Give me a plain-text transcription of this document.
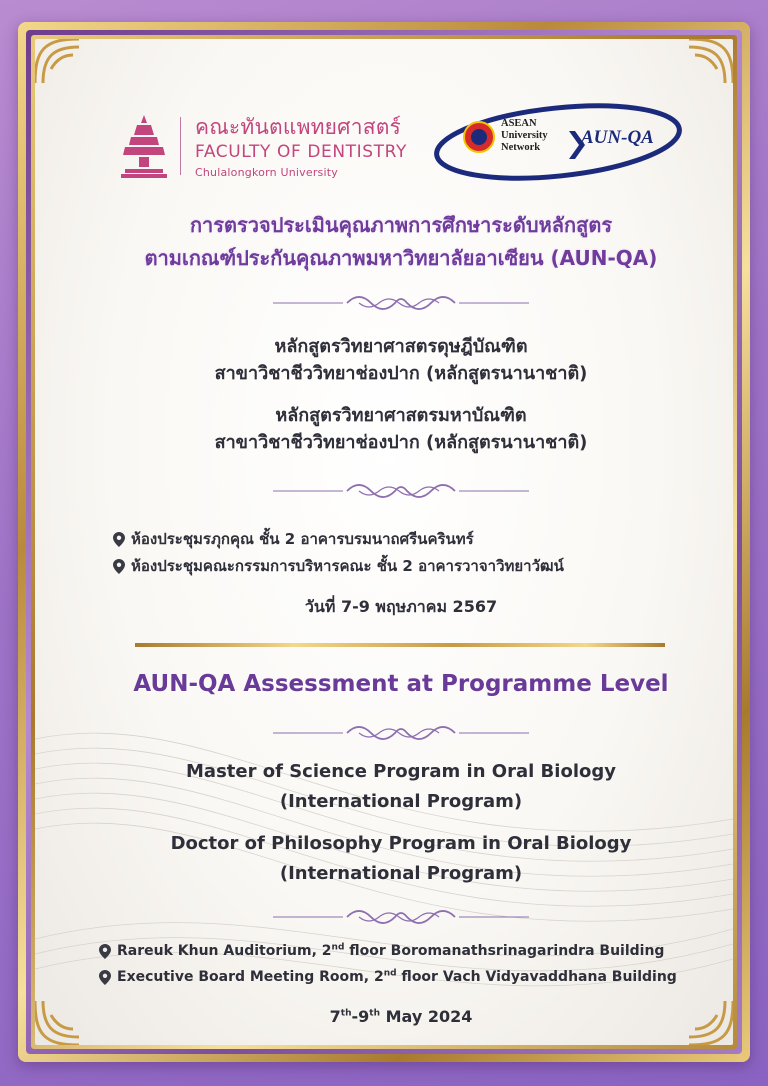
คณะทันตแพทยศาสตร์
FACULTY OF DENTISTRY
Chulalongkorn University
ASEAN
University
Network	AUN-QA
การตรวจประเมินคุณภาพการศึกษาระดับหลักสูตร
ตามเกณฑ์ประกันคุณภาพมหาวิทยาลัยอาเซียน (AUN-QA)
หลักสูตรวิทยาศาสตรดุษฎีบัณฑิต
สาขาวิชาชีววิทยาช่องปาก (หลักสูตรนานาชาติ)
หลักสูตรวิทยาศาสตรมหาบัณฑิต
สาขาวิชาชีววิทยาช่องปาก (หลักสูตรนานาชาติ)
ห้องประชุมรภุกคุณ ชั้น 2 อาคารบรมนาถศรีนครินทร์
ห้องประชุมคณะกรรมการบริหารคณะ ชั้น 2 อาคารวาจาวิทยาวัฒน์
วันที่ 7-9 พฤษภาคม 2567
AUN-QA Assessment at Programme Level
Master of Science Program in Oral Biology
(International Program)
Doctor of Philosophy Program in Oral Biology
(International Program)
Rareuk Khun Auditorium, 2nd floor Boromanathsrinagarindra Building
Executive Board Meeting Room, 2nd floor Vach Vidyavaddhana Building
7th-9th May 2024
